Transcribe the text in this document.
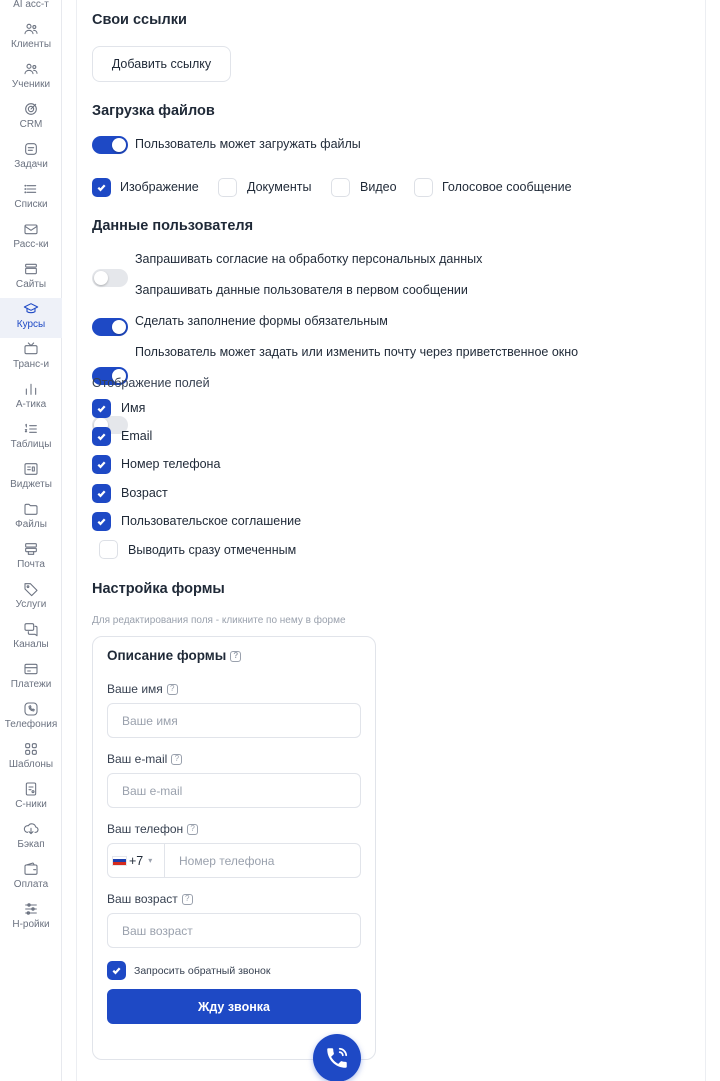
AI асс-т
Клиенты
Ученики
CRM
Задачи
Списки
Расс-ки
Сайты
Курсы
Транс-и
А-тика
Таблицы
Виджеты
Файлы
Почта
Услуги
Каналы
Платежи
Телефония
Шаблоны
С-ники
Бэкап
Оплата
Н-ройки
Свои ссылки
Добавить ссылку
Загрузка файлов
Пользователь может загружать файлы
Изображение	Документы	Видео	Голосовое сообщение
Данные пользователя
Запрашивать согласие на обработку персональных данных
Запрашивать данные пользователя в первом сообщении
Сделать заполнение формы обязательным
Пользователь может задать или изменить почту через приветственное окно
Отображение полей
Имя
Email
Номер телефона
Возраст
Пользовательское соглашение
Выводить сразу отмеченным
Настройка формы
Для редактирования поля - кликните по нему в форме
Описание формы ?
Ваше имя ?
Ваше имя
Ваш e-mail ?
Ваш e-mail
Ваш телефон ?
+7 ▾
Номер телефона
Ваш возраст ?
Ваш возраст
Запросить обратный звонок
Жду звонка
